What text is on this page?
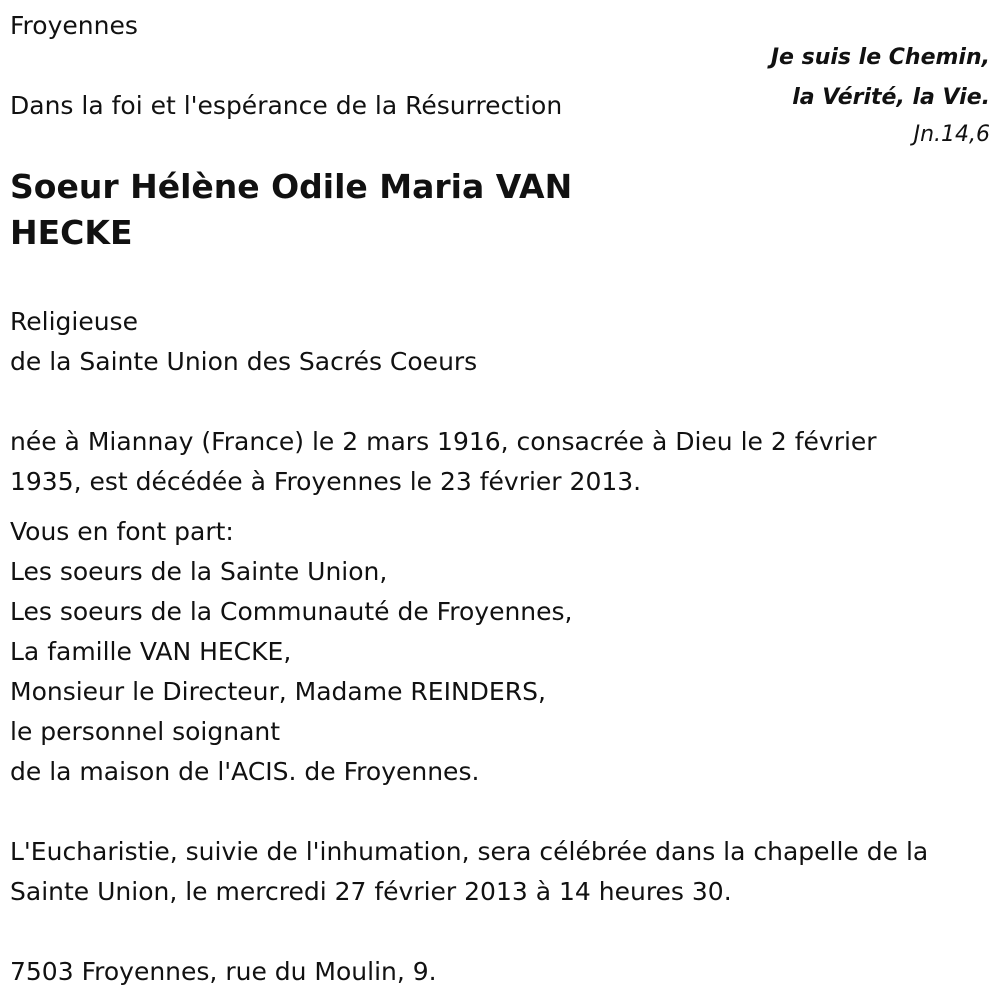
Froyennes
Dans la foi et l'espérance de la Résurrection
Je suis le Chemin,
la Vérité, la Vie.
Jn.14,6
Soeur Hélène Odile Maria VAN
HECKE
Religieuse
de la Sainte Union des Sacrés Coeurs
née à Miannay (France) le 2 mars 1916, consacrée à Dieu le 2 février
1935, est décédée à Froyennes le 23 février 2013.
Vous en font part:
Les soeurs de la Sainte Union,
Les soeurs de la Communauté de Froyennes,
La famille VAN HECKE,
Monsieur le Directeur, Madame REINDERS,
le personnel soignant
de la maison de l'ACIS. de Froyennes.
L'Eucharistie, suivie de l'inhumation, sera célébrée dans la chapelle de la
Sainte Union, le mercredi 27 février 2013 à 14 heures 30.
7503 Froyennes, rue du Moulin, 9.
